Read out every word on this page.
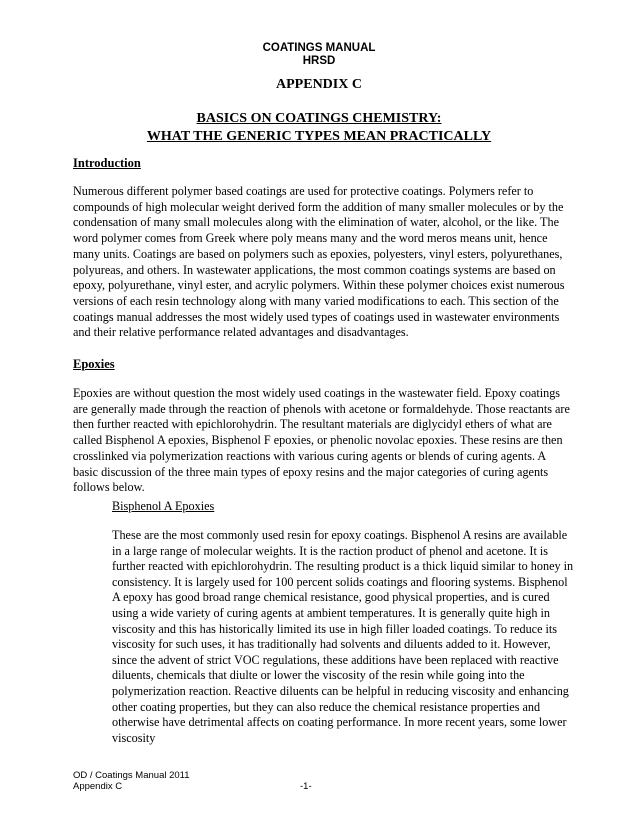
COATINGS MANUAL
HRSD
APPENDIX C
BASICS ON COATINGS CHEMISTRY:
WHAT THE GENERIC TYPES MEAN PRACTICALLY
Introduction

Numerous different polymer based coatings are used for protective coatings. Polymers refer to compounds of high molecular weight derived form the addition of many smaller molecules or by the condensation of many small molecules along with the elimination of water, alcohol, or the like. The word polymer comes from Greek where poly means many and the word meros means unit, hence many units. Coatings are based on polymers such as epoxies, polyesters, vinyl esters, polyurethanes, polyureas, and others. In wastewater applications, the most common coatings systems are based on epoxy, polyurethane, vinyl ester, and acrylic polymers. Within these polymer choices exist numerous versions of each resin technology along with many varied modifications to each. This section of the coatings manual addresses the most widely used types of coatings used in wastewater environments and their relative performance related advantages and disadvantages.

Epoxies

Epoxies are without question the most widely used coatings in the wastewater field. Epoxy coatings are generally made through the reaction of phenols with acetone or formaldehyde. Those reactants are then further reacted with epichlorohydrin. The resultant materials are diglycidyl ethers of what are called Bisphenol A epoxies, Bisphenol F epoxies, or phenolic novolac epoxies. These resins are then crosslinked via polymerization reactions with various curing agents or blends of curing agents. A basic discussion of the three main types of epoxy resins and the major categories of curing agents follows below.

Bisphenol A Epoxies

These are the most commonly used resin for epoxy coatings. Bisphenol A resins are available in a large range of molecular weights. It is the raction product of phenol and acetone. It is further reacted with epichlorohydrin. The resulting product is a thick liquid similar to honey in consistency. It is largely used for 100 percent solids coatings and flooring systems. Bisphenol A epoxy has good broad range chemical resistance, good physical properties, and is cured using a wide variety of curing agents at ambient temperatures. It is generally quite high in viscosity and this has historically limited its use in high filler loaded coatings. To reduce its viscosity for such uses, it has traditionally had solvents and diluents added to it. However, since the advent of strict VOC regulations, these additions have been replaced with reactive diluents, chemicals that diulte or lower the viscosity of the resin while going into the polymerization reaction. Reactive diluents can be helpful in reducing viscosity and enhancing other coating properties, but they can also reduce the chemical resistance properties and otherwise have detrimental affects on coating performance. In more recent years, some lower viscosity

OD / Coatings Manual 2011
Appendix C	-1-
